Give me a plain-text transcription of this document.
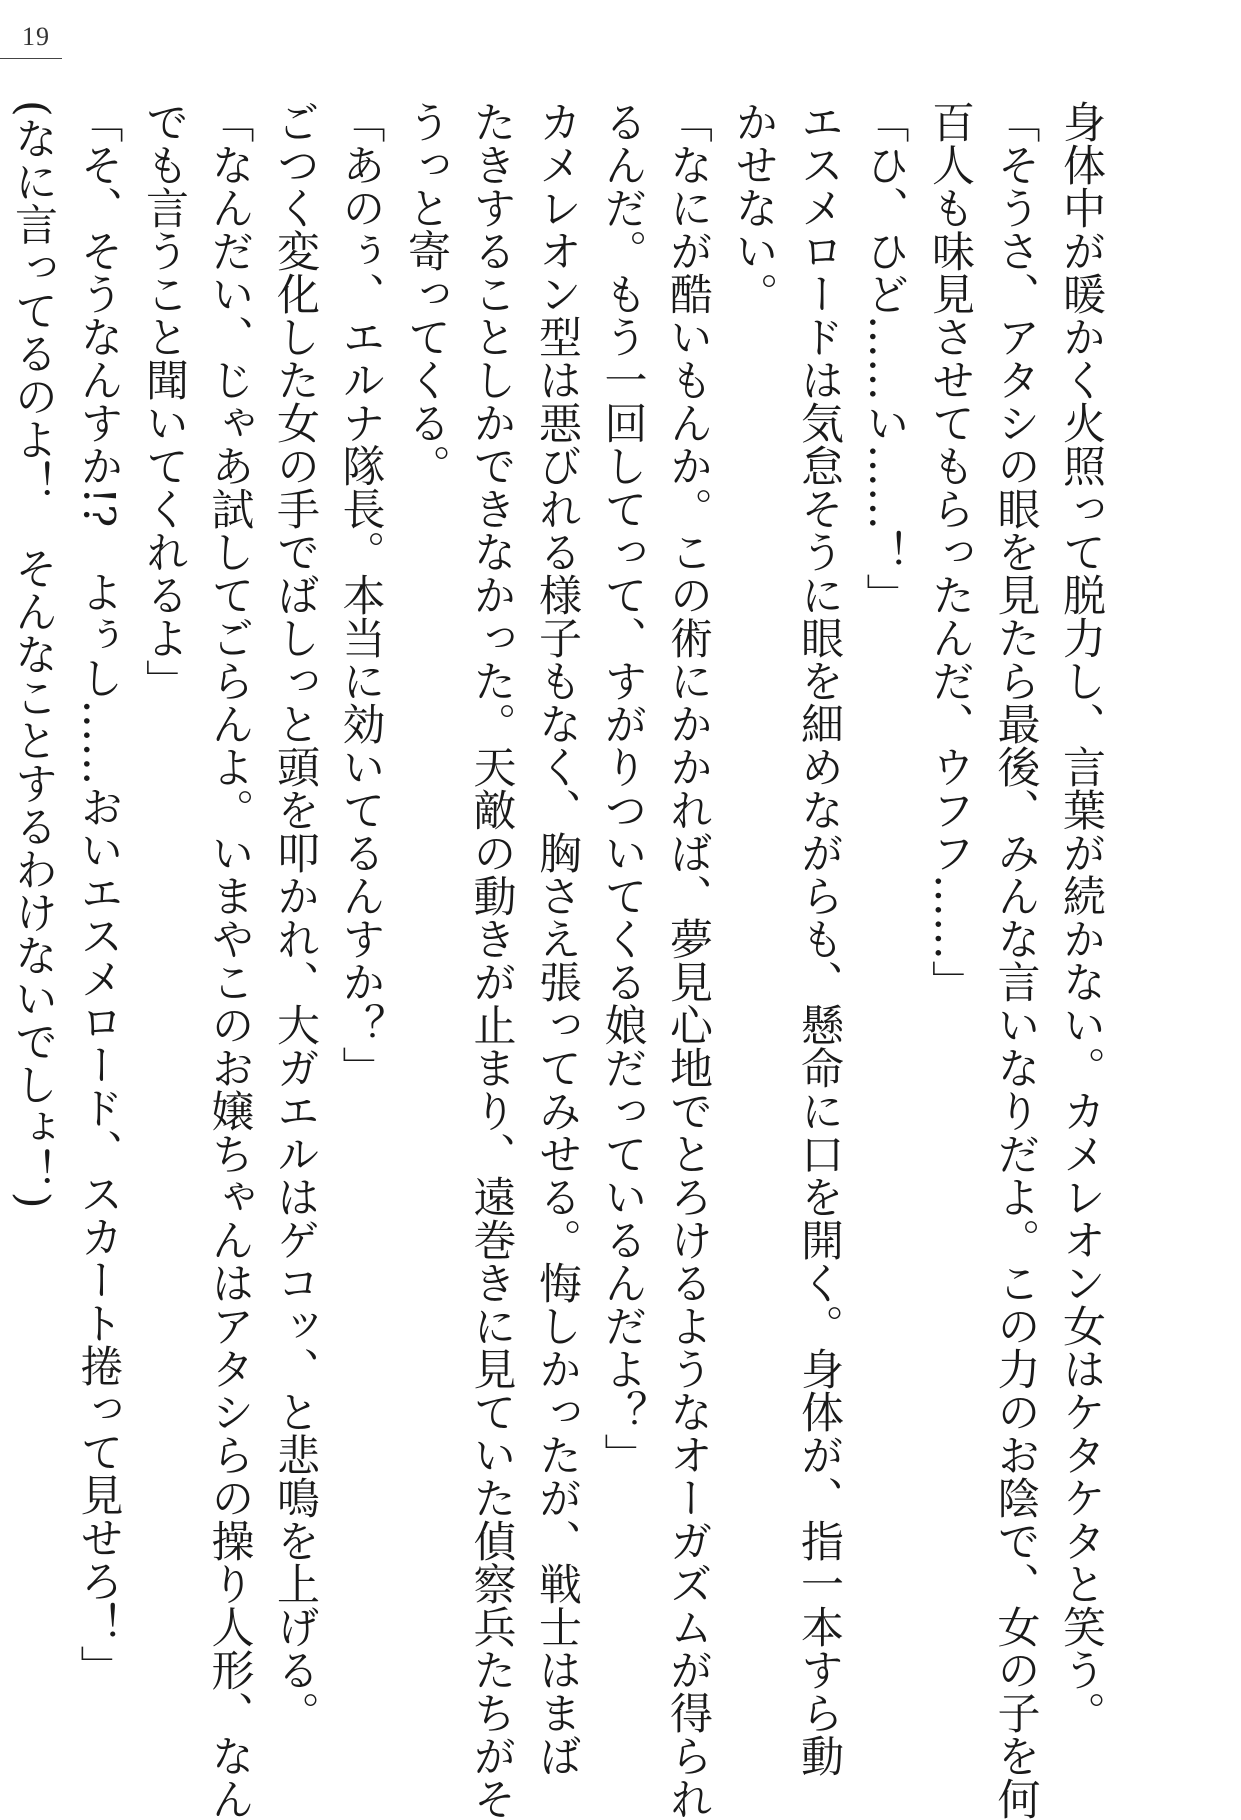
19
身体中が暖かく火照って脱力し、言葉が続かない。カメレオン女はケタケタと笑う。
「そうさ、アタシの眼を見たら最後、みんな言いなりだよ。この力のお陰で、女の子を何
百人も味見させてもらったんだ、ウフフ……」
「ひ、ひど……い……！」
エスメロードは気怠そうに眼を細めながらも、懸命に口を開く。身体が、指一本すら動
かせない。
「なにが酷いもんか。この術にかかれば、夢見心地でとろけるようなオーガズムが得られ
るんだ。もう一回してって、すがりついてくる娘だっているんだよ？」
カメレオン型は悪びれる様子もなく、胸さえ張ってみせる。悔しかったが、戦士はまば
たきすることしかできなかった。天敵の動きが止まり、遠巻きに見ていた偵察兵たちがそ
うっと寄ってくる。
「あのぅ、エルナ隊長。本当に効いてるんすか？」
ごつく変化した女の手でばしっと頭を叩かれ、大ガエルはゲコッ、と悲鳴を上げる。
「なんだい、じゃあ試してごらんよ。いまやこのお嬢ちゃんはアタシらの操り人形、なん
でも言うこと聞いてくれるよ」
「そ、そうなんすか!?　よぅし……おいエスメロード、スカート捲って見せろ！」
(なに言ってるのよ！　そんなことするわけないでしょ！)
